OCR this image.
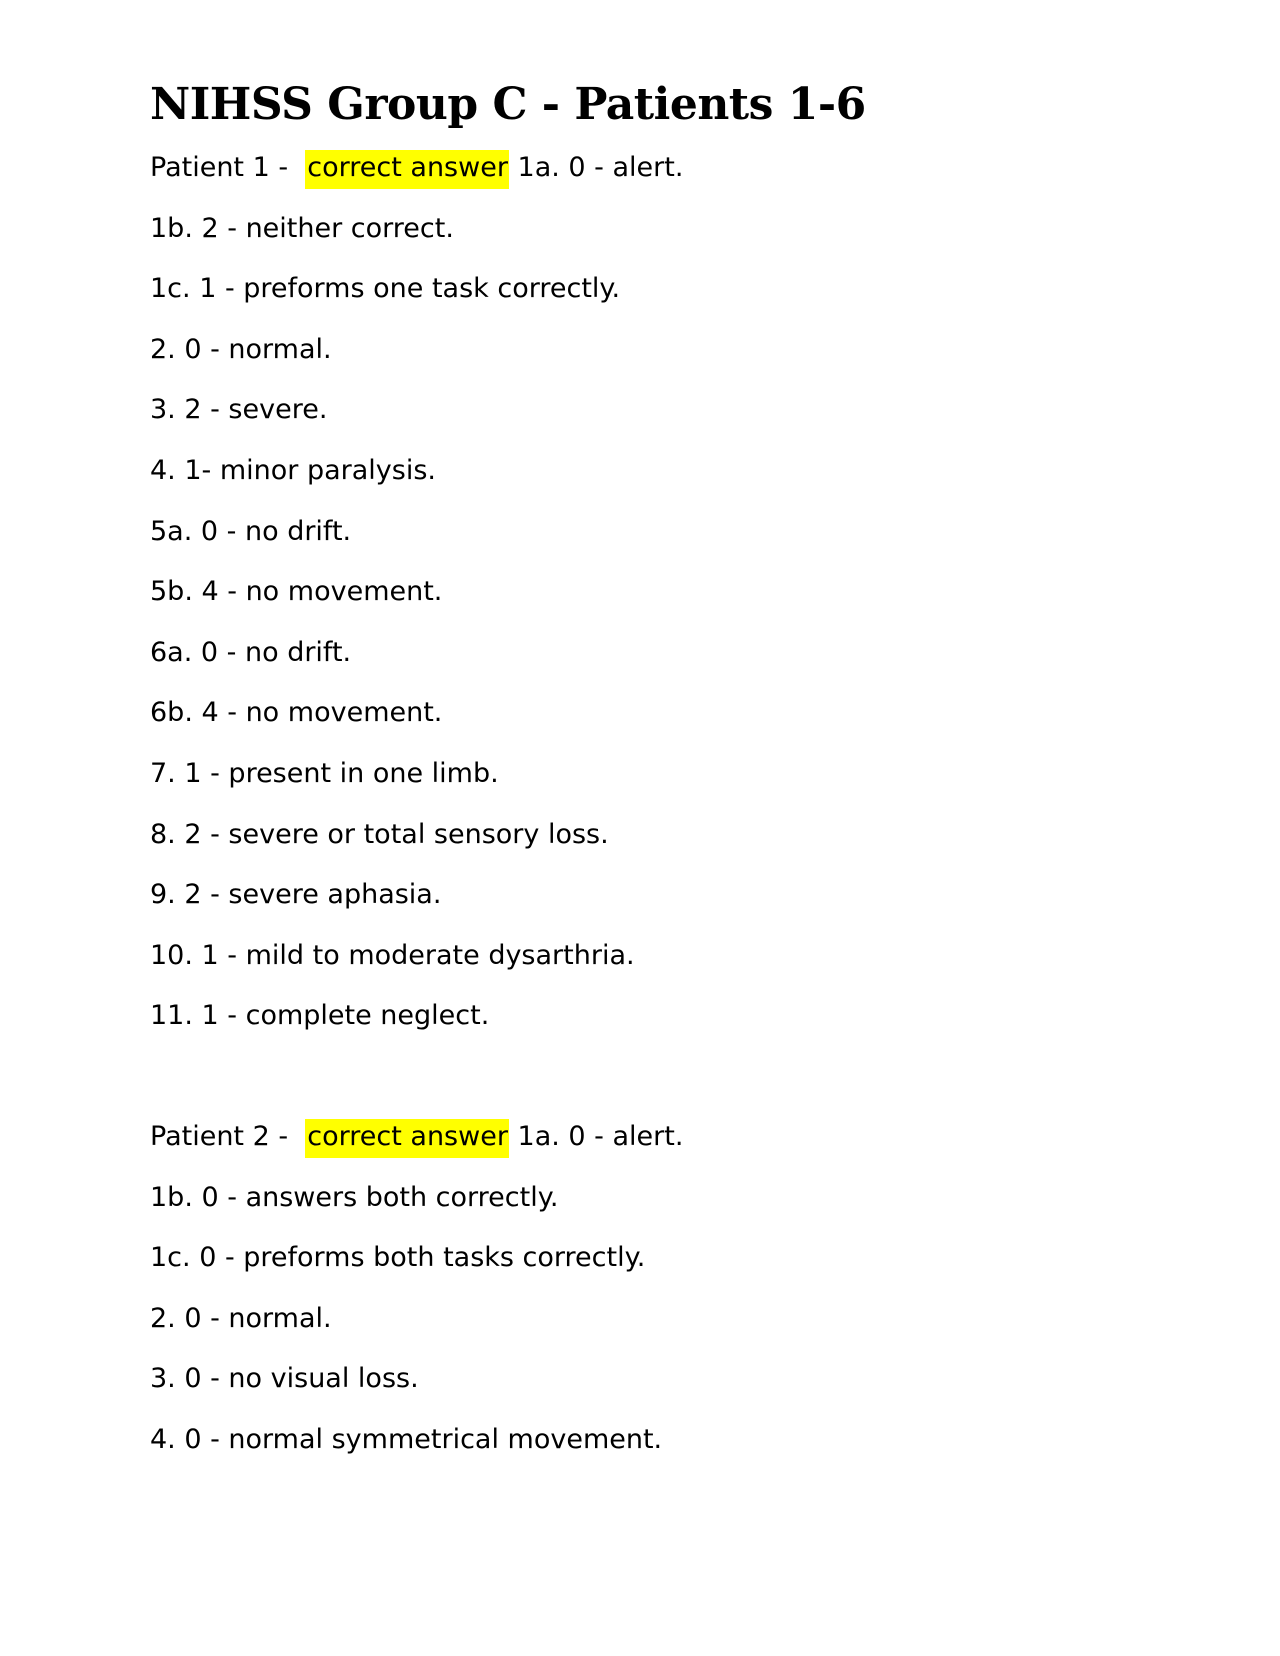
NIHSS Group C - Patients 1-6
Patient 1 -  correct answer 1a. 0 - alert.
1b. 2 - neither correct.
1c. 1 - preforms one task correctly.
2. 0 - normal.
3. 2 - severe.
4. 1- minor paralysis.
5a. 0 - no drift.
5b. 4 - no movement.
6a. 0 - no drift.
6b. 4 - no movement.
7. 1 - present in one limb.
8. 2 - severe or total sensory loss.
9. 2 - severe aphasia.
10. 1 - mild to moderate dysarthria.
11. 1 - complete neglect.
Patient 2 -  correct answer 1a. 0 - alert.
1b. 0 - answers both correctly.
1c. 0 - preforms both tasks correctly.
2. 0 - normal.
3. 0 - no visual loss.
4. 0 - normal symmetrical movement.
